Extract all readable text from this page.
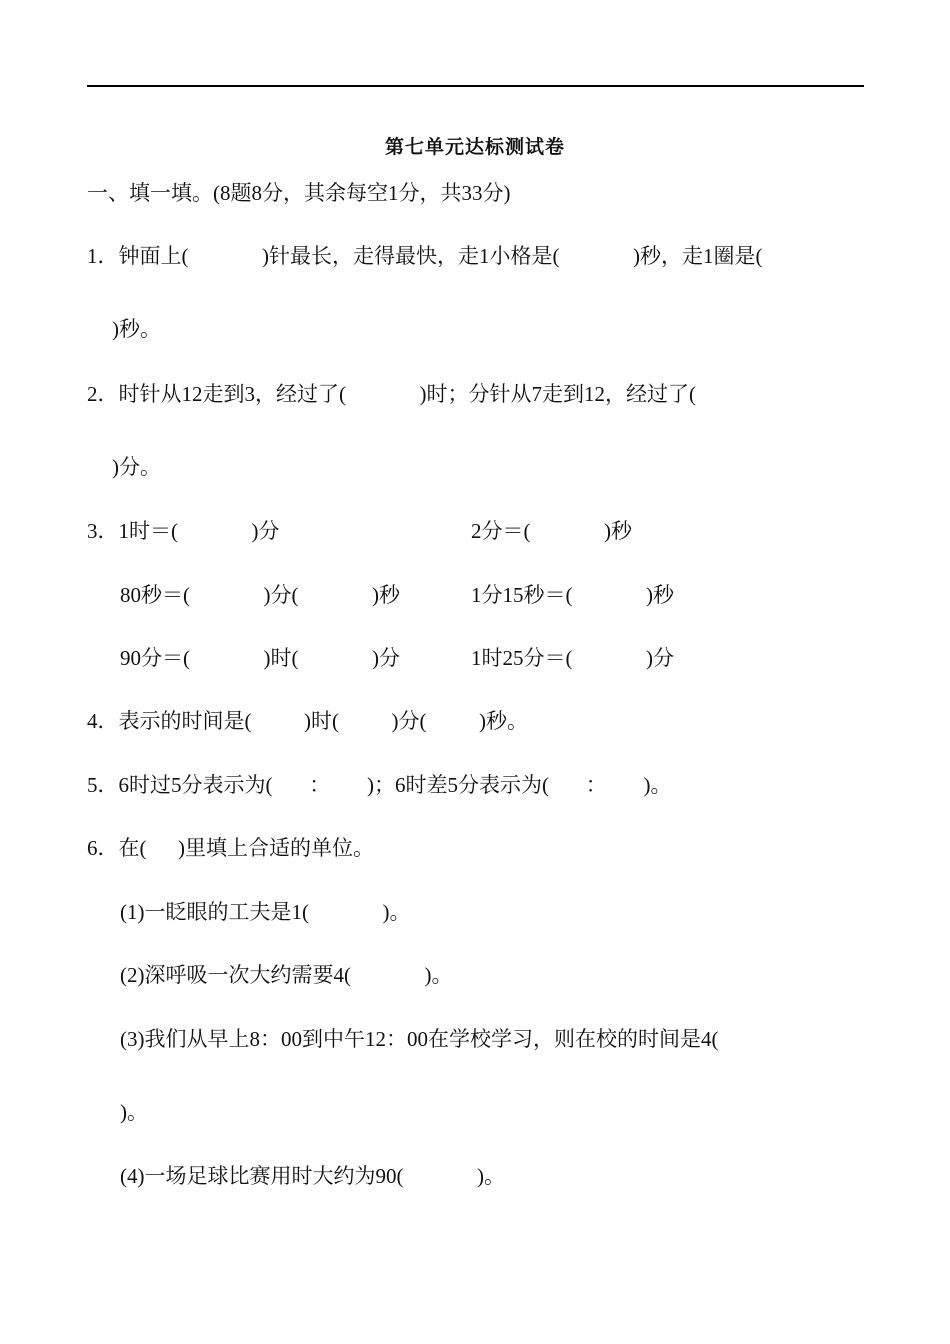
第七单元达标测试卷
一、填一填。(8题8分，其余每空1分，共33分)
1．钟面上(              )针最长，走得最快，走1小格是(              )秒，走1圈是(
)秒。
2．时针从12走到3，经过了(              )时；分针从7走到12，经过了(
)分。
3．1时＝(              )分	2分＝(              )秒
80秒＝(              )分(              )秒	1分15秒＝(              )秒
90分＝(              )时(              )分	1时25分＝(              )分
4．表示的时间是(          )时(          )分(          )秒。
5．6时过5分表示为(       ：       )；6时差5分表示为(       ：       )。
6．在(      )里填上合适的单位。
(1)一眨眼的工夫是1(              )。
(2)深呼吸一次大约需要4(              )。
(3)我们从早上8：00到中午12：00在学校学习，则在校的时间是4(
)。
(4)一场足球比赛用时大约为90(              )。
